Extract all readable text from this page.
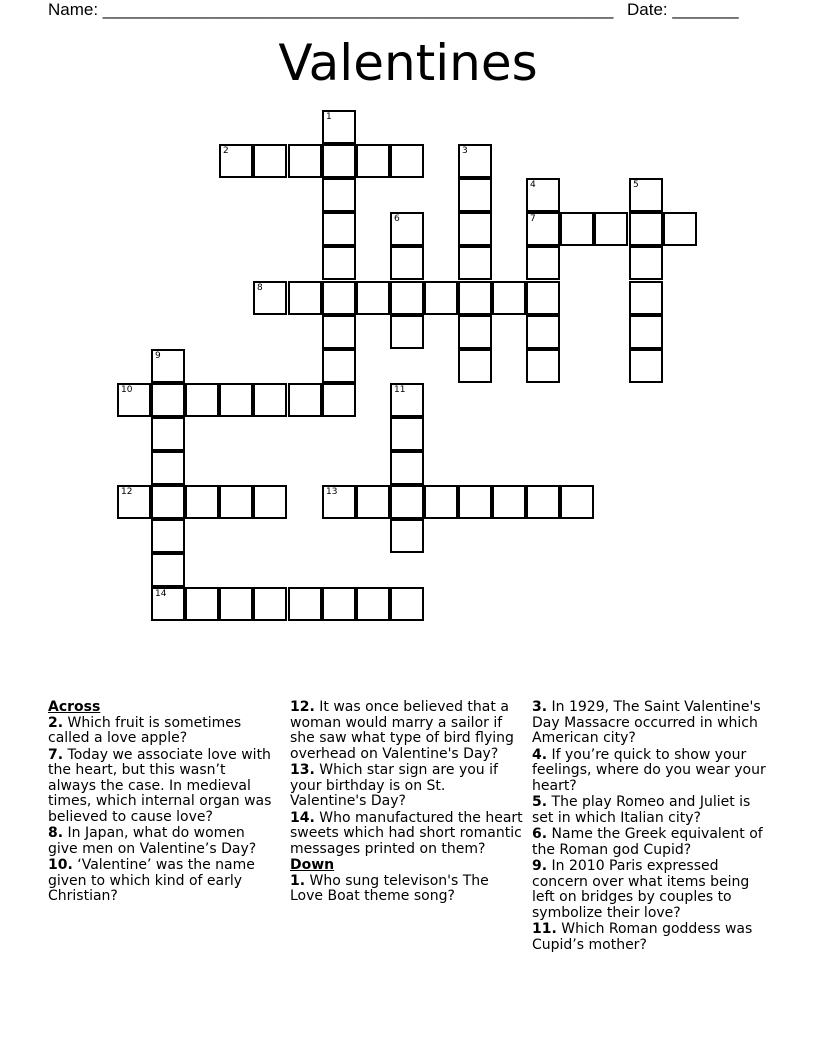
Name: ______________________________________________________ Date: _______
Valentines
1
2	3
4
7
5
6
8
9
14
10	11
12	13
Across
2. Which fruit is sometimes called a love apple?
7. Today we associate love with the heart, but this wasn’t always the case. In medieval times, which internal organ was believed to cause love?
8. In Japan, what do women give men on Valentine’s Day?
10. ‘Valentine’ was the name given to which kind of early Christian?
12. It was once believed that a woman would marry a sailor if she saw what type of bird flying overhead on Valentine's Day?
13. Which star sign are you if your birthday is on St. Valentine's Day?
14. Who manufactured the heart sweets which had short romantic messages printed on them?
Down
1. Who sung televison's The Love Boat theme song?
3. In 1929, The Saint Valentine's Day Massacre occurred in which American city?
4. If you’re quick to show your feelings, where do you wear your heart?
5. The play Romeo and Juliet is set in which Italian city?
6. Name the Greek equivalent of the Roman god Cupid?
9. In 2010 Paris expressed concern over what items being left on bridges by couples to symbolize their love?
11. Which Roman goddess was Cupid’s mother?
